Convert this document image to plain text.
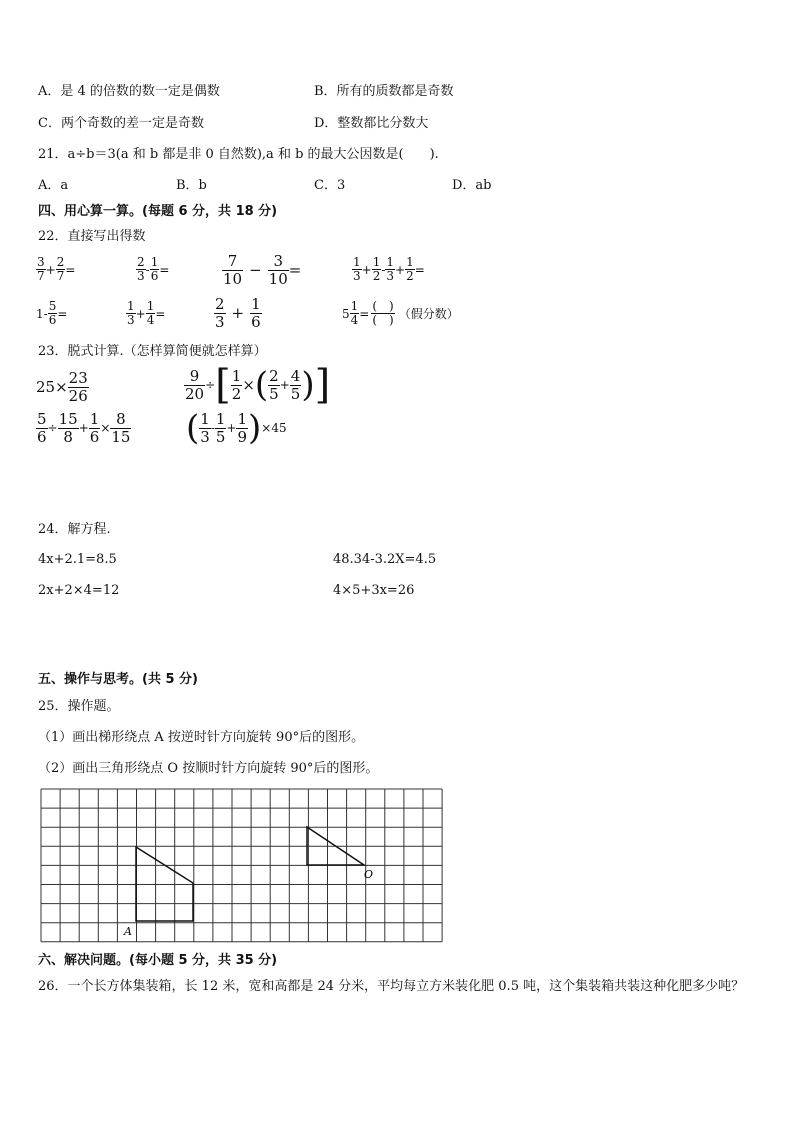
A．是 4 的倍数的数一定是偶数	B．所有的质数都是奇数
C．两个奇数的差一定是奇数	D．整数都比分数大
21．a÷b＝3(a 和 b 都是非 0 自然数),a 和 b 的最大公因数是(　　).
A．a	B．b	C．3	D．ab
四、用心算一算。(每题 6 分，共 18 分)
22．直接写出得数
$\frac{3}{7} + \frac{2}{7}$ =	$\frac{2}{3} - \frac{1}{6}$ =	$\frac{7}{10} - \frac{3}{10}$ =	$\frac{1}{3} + \frac{1}{2} - \frac{1}{3} + \frac{1}{2}$ =
$1- \frac{5}{6}$ =	$\frac{1}{3} + \frac{1}{4}$ =	$\frac{2}{3} + \frac{1}{6}$	$5 \frac{1}{4} = \frac{( )}{( )}$ （假分数）
23．脱式计算.（怎样算简便就怎样算）
$25\times \frac{23}{26}$	$\frac{9}{20}$ ÷ [ $\frac{1}{2}$ × ( $\frac{2}{5} + \frac{4}{5}$ ) ]
$\frac{5}{6} \div \frac{15}{8} + \frac{1}{6} \times \frac{8}{15}$ ( $\frac{1}{3} - \frac{1}{5} + \frac{1}{9}$ ) ×45
24．解方程.
4x+2.1=8.5	48.34-3.2X=4.5
2x+2×4=12	4×5+3x=26
五、操作与思考。(共 5 分)
25．操作题。
（1）画出梯形绕点 A 按逆时针方向旋转 90°后的图形。
（2）画出三角形绕点 O 按顺时针方向旋转 90°后的图形。
A
O
六、解决问题。(每小题 5 分，共 35 分)
26．一个长方体集装箱，长 12 米，宽和高都是 24 分米，平均每立方米装化肥 0.5 吨，这个集装箱共装这种化肥多少吨？
